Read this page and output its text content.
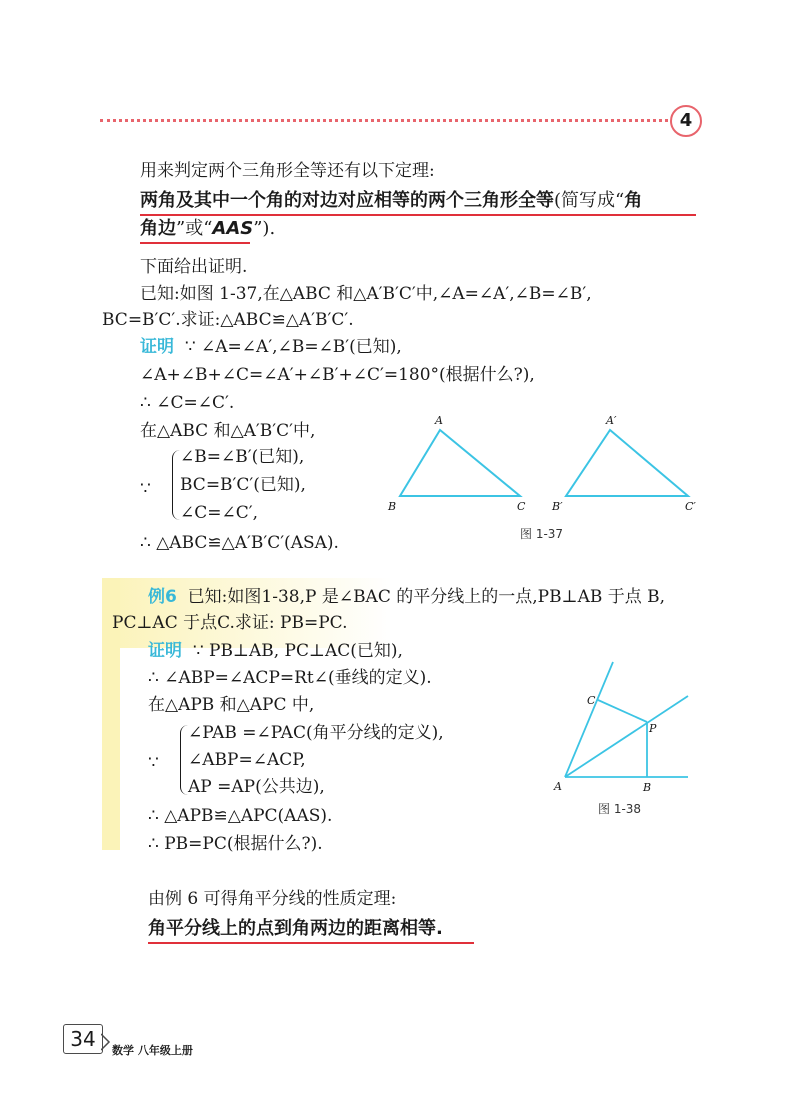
4
用来判定两个三角形全等还有以下定理:
两角及其中一个角的对边对应相等的两个三角形全等(简写成“角
角边”或“AAS”).
下面给出证明.
已知:如图 1-37,在△ABC 和△A′B′C′中,∠A=∠A′,∠B=∠B′,
BC=B′C′.求证:△ABC≌△A′B′C′.
证明 ∵ ∠A=∠A′,∠B=∠B′(已知),
∠A+∠B+∠C=∠A′+∠B′+∠C′=180°(根据什么?),
∴ ∠C=∠C′.
在△ABC 和△A′B′C′中,
∵
∠B=∠B′(已知),
BC=B′C′(已知),
∠C=∠C′,
∴ △ABC≌△A′B′C′(ASA).
A
B	C
A′
B′	C′
图 1-37
例6 已知:如图1-38,P 是∠BAC 的平分线上的一点,PB⊥AB 于点 B,
PC⊥AC 于点C.求证: PB=PC.
证明 ∵ PB⊥AB, PC⊥AC(已知),
∴ ∠ABP=∠ACP=Rt∠(垂线的定义).
在△APB 和△APC 中,
∵
∠PAB =∠PAC(角平分线的定义),
∠ABP=∠ACP,
AP =AP(公共边),
∴ △APB≌△APC(AAS).
∴ PB=PC(根据什么?).
A	B
C
P
图 1-38
由例 6 可得角平分线的性质定理:
角平分线上的点到角两边的距离相等.
34	数学 八年级上册
